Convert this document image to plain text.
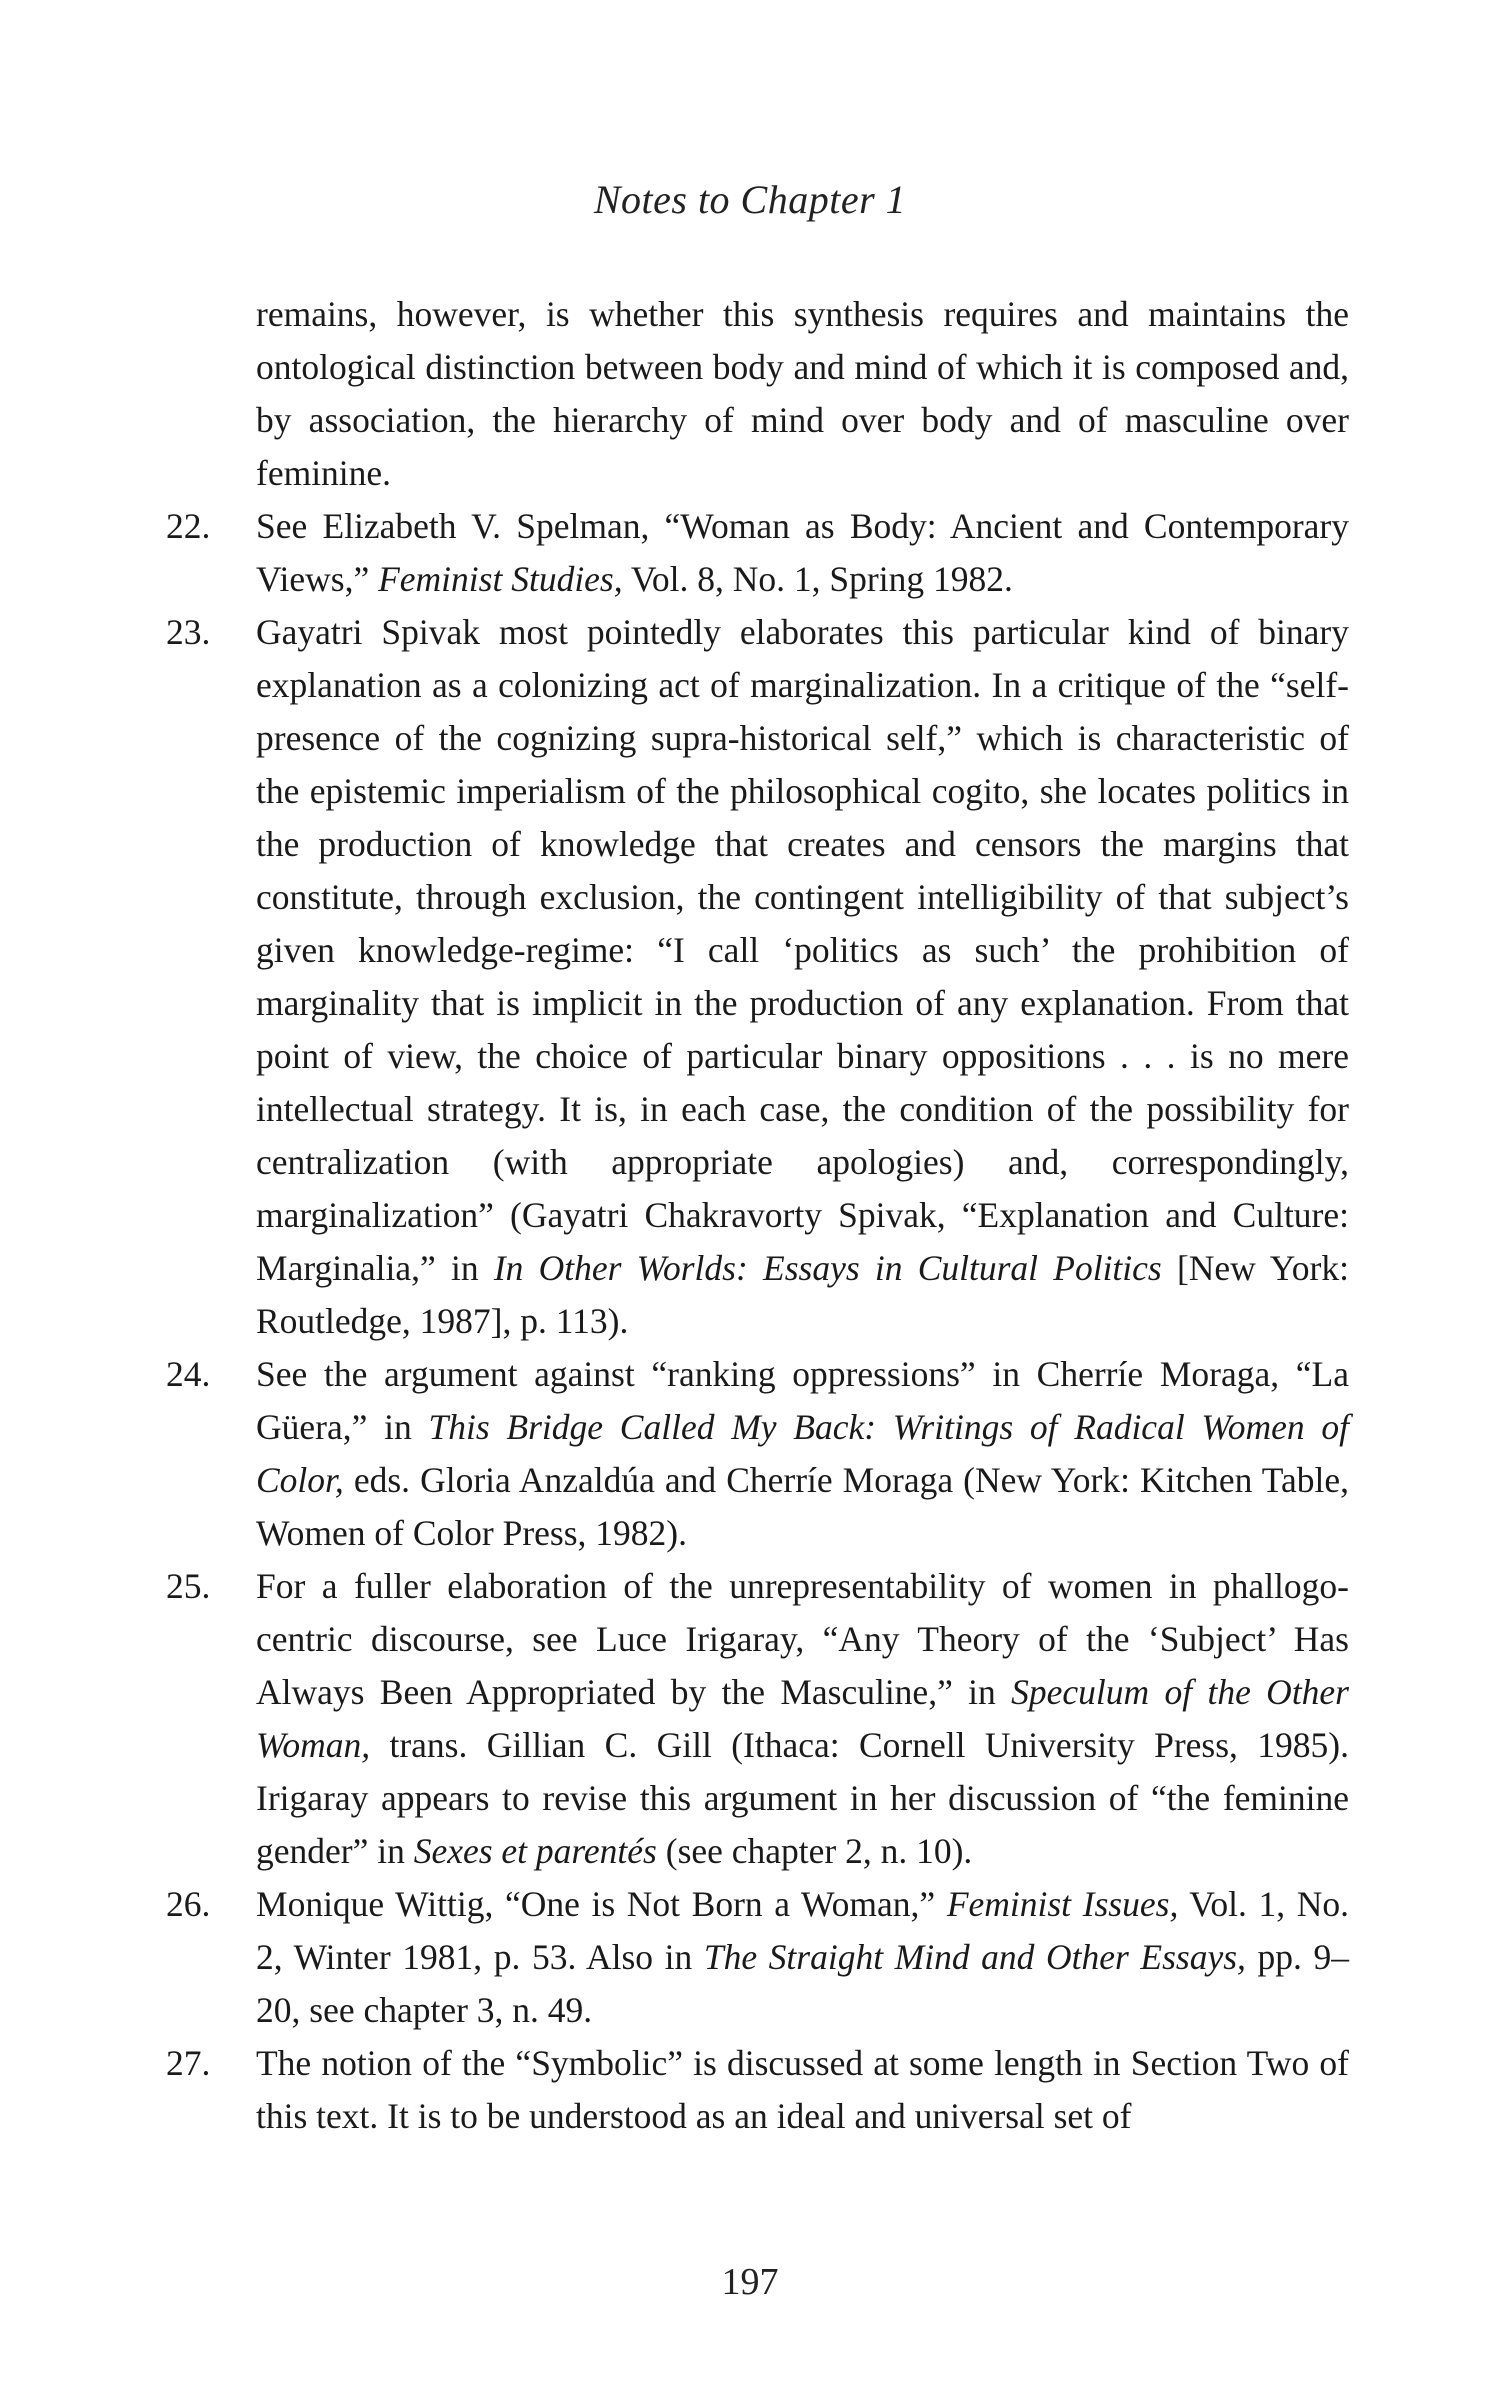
Notes to Chapter 1

remains, however, is whether this synthesis requires and maintains the ontological distinction between body and mind of which it is composed and, by association, the hierarchy of mind over body and of masculine over feminine.

22.	See Elizabeth V. Spelman, “Woman as Body: Ancient and Contemporary Views,” Feminist Studies, Vol. 8, No. 1, Spring 1982.

23.	Gayatri Spivak most pointedly elaborates this particular kind of binary explanation as a colonizing act of marginalization. In a critique of the “self-presence of the cognizing supra-historical self,” which is characteristic of the epistemic imperialism of the philosophical cogito, she locates politics in the production of knowledge that creates and censors the margins that constitute, through exclusion, the contingent intelligibility of that subject’s given knowledge-regime: “I call ‘politics as such’ the prohibition of marginality that is implicit in the production of any explanation. From that point of view, the choice of particular binary oppositions . . . is no mere intellectual strategy. It is, in each case, the condition of the possibility for centralization (with appropriate apologies) and, correspondingly, marginalization” (Gayatri Chakravorty Spivak, “Explanation and Culture: Marginalia,” in In Other Worlds: Essays in Cultural Politics [New York: Routledge, 1987], p. 113).

24.	See the argument against “ranking oppressions” in Cherríe Moraga, “La Güera,” in This Bridge Called My Back: Writings of Radical Women of Color, eds. Gloria Anzaldúa and Cherríe Moraga (New York: Kitchen Table, Women of Color Press, 1982).

25.	For a fuller elaboration of the unrepresentability of women in phallogocentric discourse, see Luce Irigaray, “Any Theory of the ‘Subject’ Has Always Been Appropriated by the Masculine,” in Speculum of the Other Woman, trans. Gillian C. Gill (Ithaca: Cornell University Press, 1985). Irigaray appears to revise this argument in her discussion of “the feminine gender” in Sexes et parentés (see chapter 2, n. 10).

26.	Monique Wittig, “One is Not Born a Woman,” Feminist Issues, Vol. 1, No. 2, Winter 1981, p. 53. Also in The Straight Mind and Other Essays, pp. 9–20, see chapter 3, n. 49.

27.	The notion of the “Symbolic” is discussed at some length in Section Two of this text. It is to be understood as an ideal and universal set of

197
